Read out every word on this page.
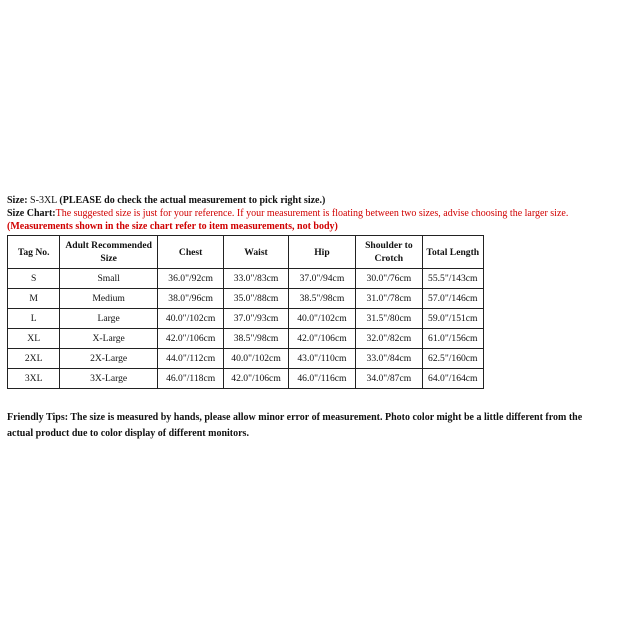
Size: S-3XL (PLEASE do check the actual measurement to pick right size.)
Size Chart:The suggested size is just for your reference. If your measurement is floating between two sizes, advise choosing the larger size.
(Measurements shown in the size chart refer to item measurements, not body)
Tag No.	Adult Recommended Size	Chest	Waist	Hip	Shoulder to Crotch	Total Length
S	Small	36.0"/92cm	33.0"/83cm	37.0"/94cm	30.0"/76cm	55.5"/143cm
M	Medium	38.0"/96cm	35.0"/88cm	38.5"/98cm	31.0"/78cm	57.0"/146cm
L	Large	40.0"/102cm	37.0"/93cm	40.0"/102cm	31.5"/80cm	59.0"/151cm
XL	X-Large	42.0"/106cm	38.5"/98cm	42.0"/106cm	32.0"/82cm	61.0"/156cm
2XL	2X-Large	44.0"/112cm	40.0"/102cm	43.0"/110cm	33.0"/84cm	62.5"/160cm
3XL	3X-Large	46.0"/118cm	42.0"/106cm	46.0"/116cm	34.0"/87cm	64.0"/164cm
Friendly Tips: The size is measured by hands, please allow minor error of measurement. Photo color might be a little different from the actual product due to color display of different monitors.
